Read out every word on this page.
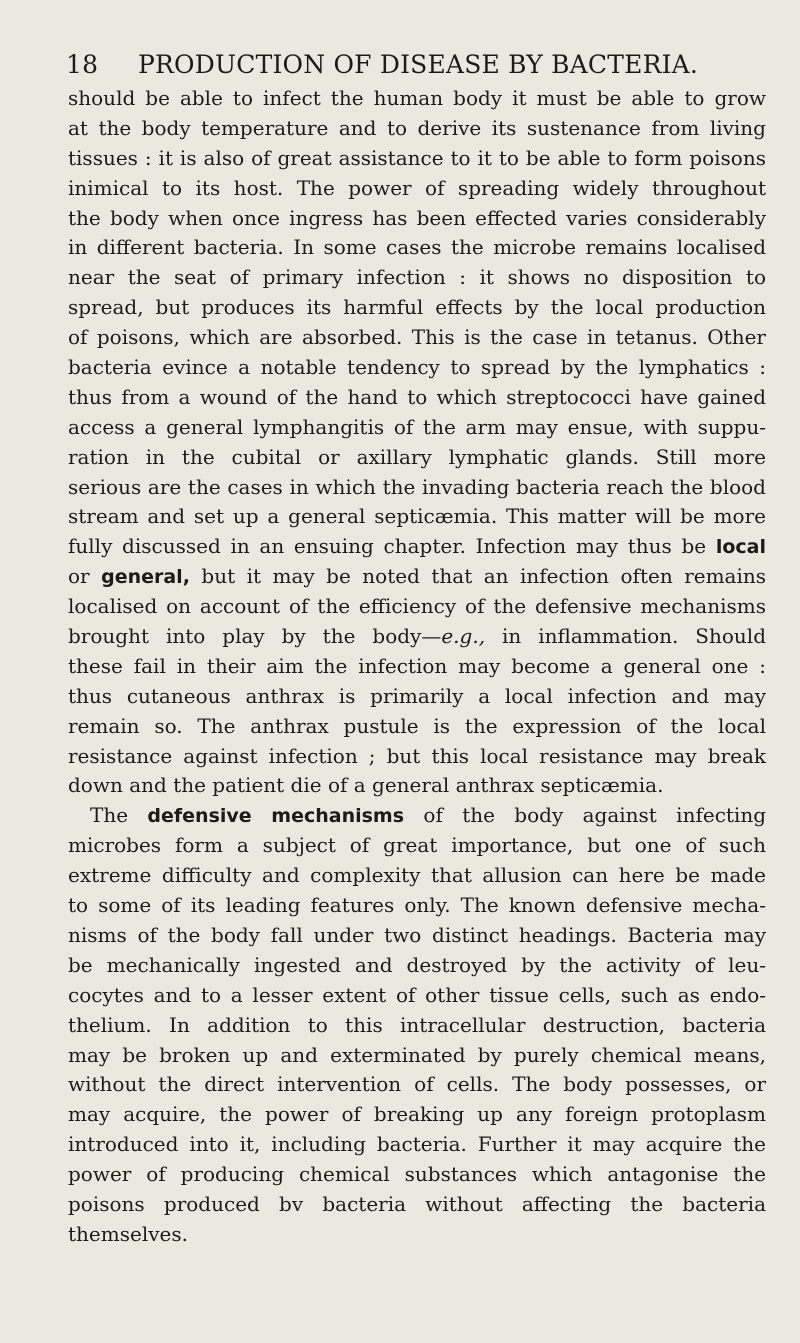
18 PRODUCTION OF DISEASE BY BACTERIA.
should be able to infect the human body it must be able to grow
at the body temperature and to derive its sustenance from living
tissues : it is also of great assistance to it to be able to form poisons
inimical to its host. The power of spreading widely throughout
the body when once ingress has been effected varies considerably
in different bacteria. In some cases the microbe remains localised
near the seat of primary infection : it shows no disposition to
spread, but produces its harmful effects by the local production
of poisons, which are absorbed. This is the case in tetanus. Other
bacteria evince a notable tendency to spread by the lymphatics :
thus from a wound of the hand to which streptococci have gained
access a general lymphangitis of the arm may ensue, with suppu-
ration in the cubital or axillary lymphatic glands. Still more
serious are the cases in which the invading bacteria reach the blood
stream and set up a general septicæmia. This matter will be more
fully discussed in an ensuing chapter. Infection may thus be local
or general, but it may be noted that an infection often remains
localised on account of the efficiency of the defensive mechanisms
brought into play by the body—e.g., in inflammation. Should
these fail in their aim the infection may become a general one :
thus cutaneous anthrax is primarily a local infection and may
remain so. The anthrax pustule is the expression of the local
resistance against infection ; but this local resistance may break
down and the patient die of a general anthrax septicæmia.
The defensive mechanisms of the body against infecting
microbes form a subject of great importance, but one of such
extreme difficulty and complexity that allusion can here be made
to some of its leading features only. The known defensive mecha-
nisms of the body fall under two distinct headings. Bacteria may
be mechanically ingested and destroyed by the activity of leu-
cocytes and to a lesser extent of other tissue cells, such as endo-
thelium. In addition to this intracellular destruction, bacteria
may be broken up and exterminated by purely chemical means,
without the direct intervention of cells. The body possesses, or
may acquire, the power of breaking up any foreign protoplasm
introduced into it, including bacteria. Further it may acquire the
power of producing chemical substances which antagonise the
poisons produced bv bacteria without affecting the bacteria
themselves.
